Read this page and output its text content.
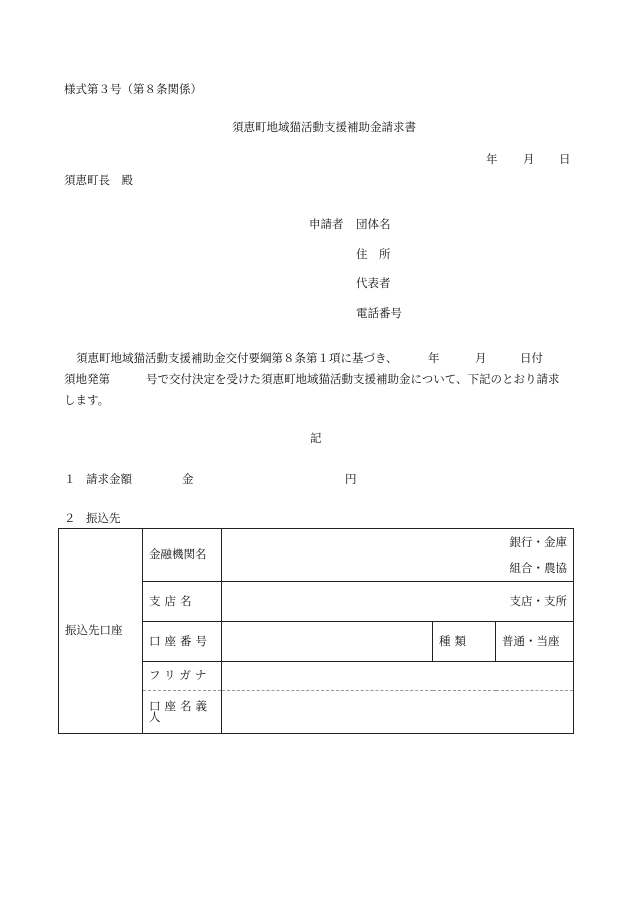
様式第３号（第８条関係）
須恵町地域猫活動支援補助金請求書
年 月 日
須恵町長　殿
申請者 団体名
住　所
代表者
電話番号
須恵町地域猫活動支援補助金交付要綱第８条第１項に基づき、	年	月	日付
須地発第	号で交付決定を受けた須恵町地域猫活動支援補助金について、下記のとおり請求
します。
記
１ 請求金額	金	円
２ 振込先
振込先口座	金融機関名	銀行・金庫
組合・農協		

	支店名	支店・支所		
	口座番号		種類	普通・当座
	フリガナ			
	口座名義人			
